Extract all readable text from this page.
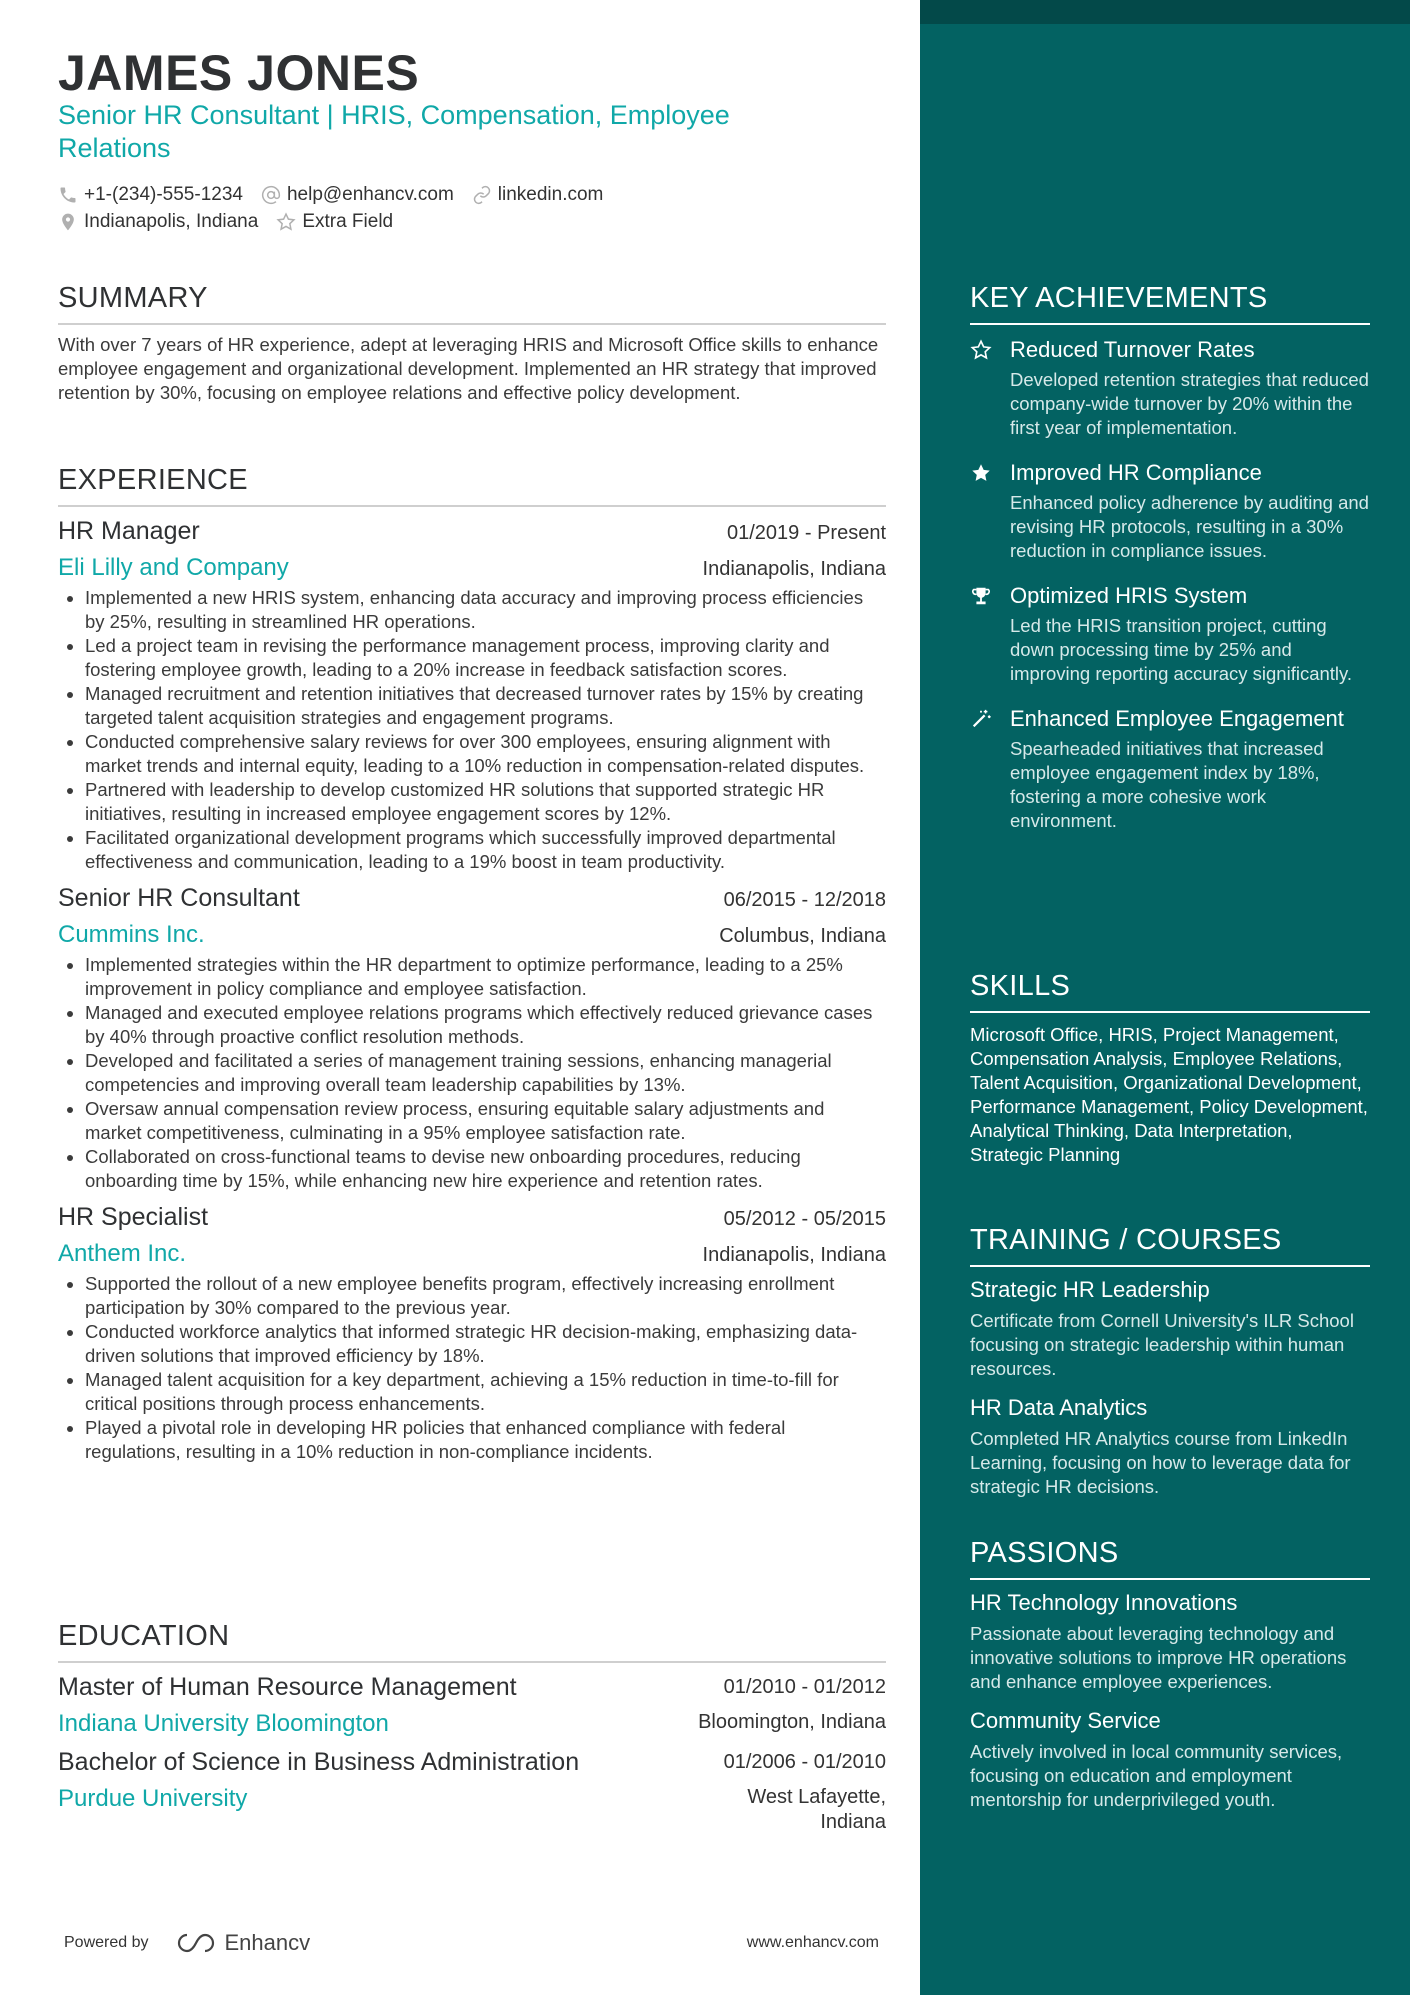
JAMES JONES
Senior HR Consultant | HRIS, Compensation, Employee Relations
+1-(234)-555-1234 help@enhancv.com linkedin.com
Indianapolis, Indiana Extra Field
SUMMARY

With over 7 years of HR experience, adept at leveraging HRIS and Microsoft Office skills to enhance employee engagement and organizational development. Implemented an HR strategy that improved retention by 30%, focusing on employee relations and effective policy development.

EXPERIENCE
HR Manager	01/2019 - Present
Eli Lilly and Company	Indianapolis, Indiana
• Implemented a new HRIS system, enhancing data accuracy and improving process efficiencies by 25%, resulting in streamlined HR operations.
• Led a project team in revising the performance management process, improving clarity and fostering employee growth, leading to a 20% increase in feedback satisfaction scores.
• Managed recruitment and retention initiatives that decreased turnover rates by 15% by creating targeted talent acquisition strategies and engagement programs.
• Conducted comprehensive salary reviews for over 300 employees, ensuring alignment with market trends and internal equity, leading to a 10% reduction in compensation-related disputes.
• Partnered with leadership to develop customized HR solutions that supported strategic HR initiatives, resulting in increased employee engagement scores by 12%.
• Facilitated organizational development programs which successfully improved departmental effectiveness and communication, leading to a 19% boost in team productivity.
Senior HR Consultant	06/2015 - 12/2018
Cummins Inc.	Columbus, Indiana
• Implemented strategies within the HR department to optimize performance, leading to a 25% improvement in policy compliance and employee satisfaction.
• Managed and executed employee relations programs which effectively reduced grievance cases by 40% through proactive conflict resolution methods.
• Developed and facilitated a series of management training sessions, enhancing managerial competencies and improving overall team leadership capabilities by 13%.
• Oversaw annual compensation review process, ensuring equitable salary adjustments and market competitiveness, culminating in a 95% employee satisfaction rate.
• Collaborated on cross-functional teams to devise new onboarding procedures, reducing onboarding time by 15%, while enhancing new hire experience and retention rates.
HR Specialist	05/2012 - 05/2015
Anthem Inc.	Indianapolis, Indiana
• Supported the rollout of a new employee benefits program, effectively increasing enrollment participation by 30% compared to the previous year.
• Conducted workforce analytics that informed strategic HR decision-making, emphasizing data-driven solutions that improved efficiency by 18%.
• Managed talent acquisition for a key department, achieving a 15% reduction in time-to-fill for critical positions through process enhancements.
• Played a pivotal role in developing HR policies that enhanced compliance with federal regulations, resulting in a 10% reduction in non-compliance incidents.
EDUCATION
Master of Human Resource Management	01/2010 - 01/2012
Indiana University Bloomington	Bloomington, Indiana
Bachelor of Science in Business Administration	01/2006 - 01/2010
Purdue University	West Lafayette, Indiana
Powered by	Enhancv	www.enhancv.com
KEY ACHIEVEMENTS
Reduced Turnover Rates
Developed retention strategies that reduced company-wide turnover by 20% within the first year of implementation.
Improved HR Compliance
Enhanced policy adherence by auditing and revising HR protocols, resulting in a 30% reduction in compliance issues.
Optimized HRIS System
Led the HRIS transition project, cutting down processing time by 25% and improving reporting accuracy significantly.
Enhanced Employee Engagement
Spearheaded initiatives that increased employee engagement index by 18%, fostering a more cohesive work environment.
SKILLS
Microsoft Office, HRIS, Project Management, Compensation Analysis, Employee Relations, Talent Acquisition, Organizational Development, Performance Management, Policy Development, Analytical Thinking, Data Interpretation, Strategic Planning
TRAINING / COURSES
Strategic HR Leadership
Certificate from Cornell University's ILR School focusing on strategic leadership within human resources.
HR Data Analytics
Completed HR Analytics course from LinkedIn Learning, focusing on how to leverage data for strategic HR decisions.
PASSIONS
HR Technology Innovations
Passionate about leveraging technology and innovative solutions to improve HR operations and enhance employee experiences.
Community Service
Actively involved in local community services, focusing on education and employment mentorship for underprivileged youth.
